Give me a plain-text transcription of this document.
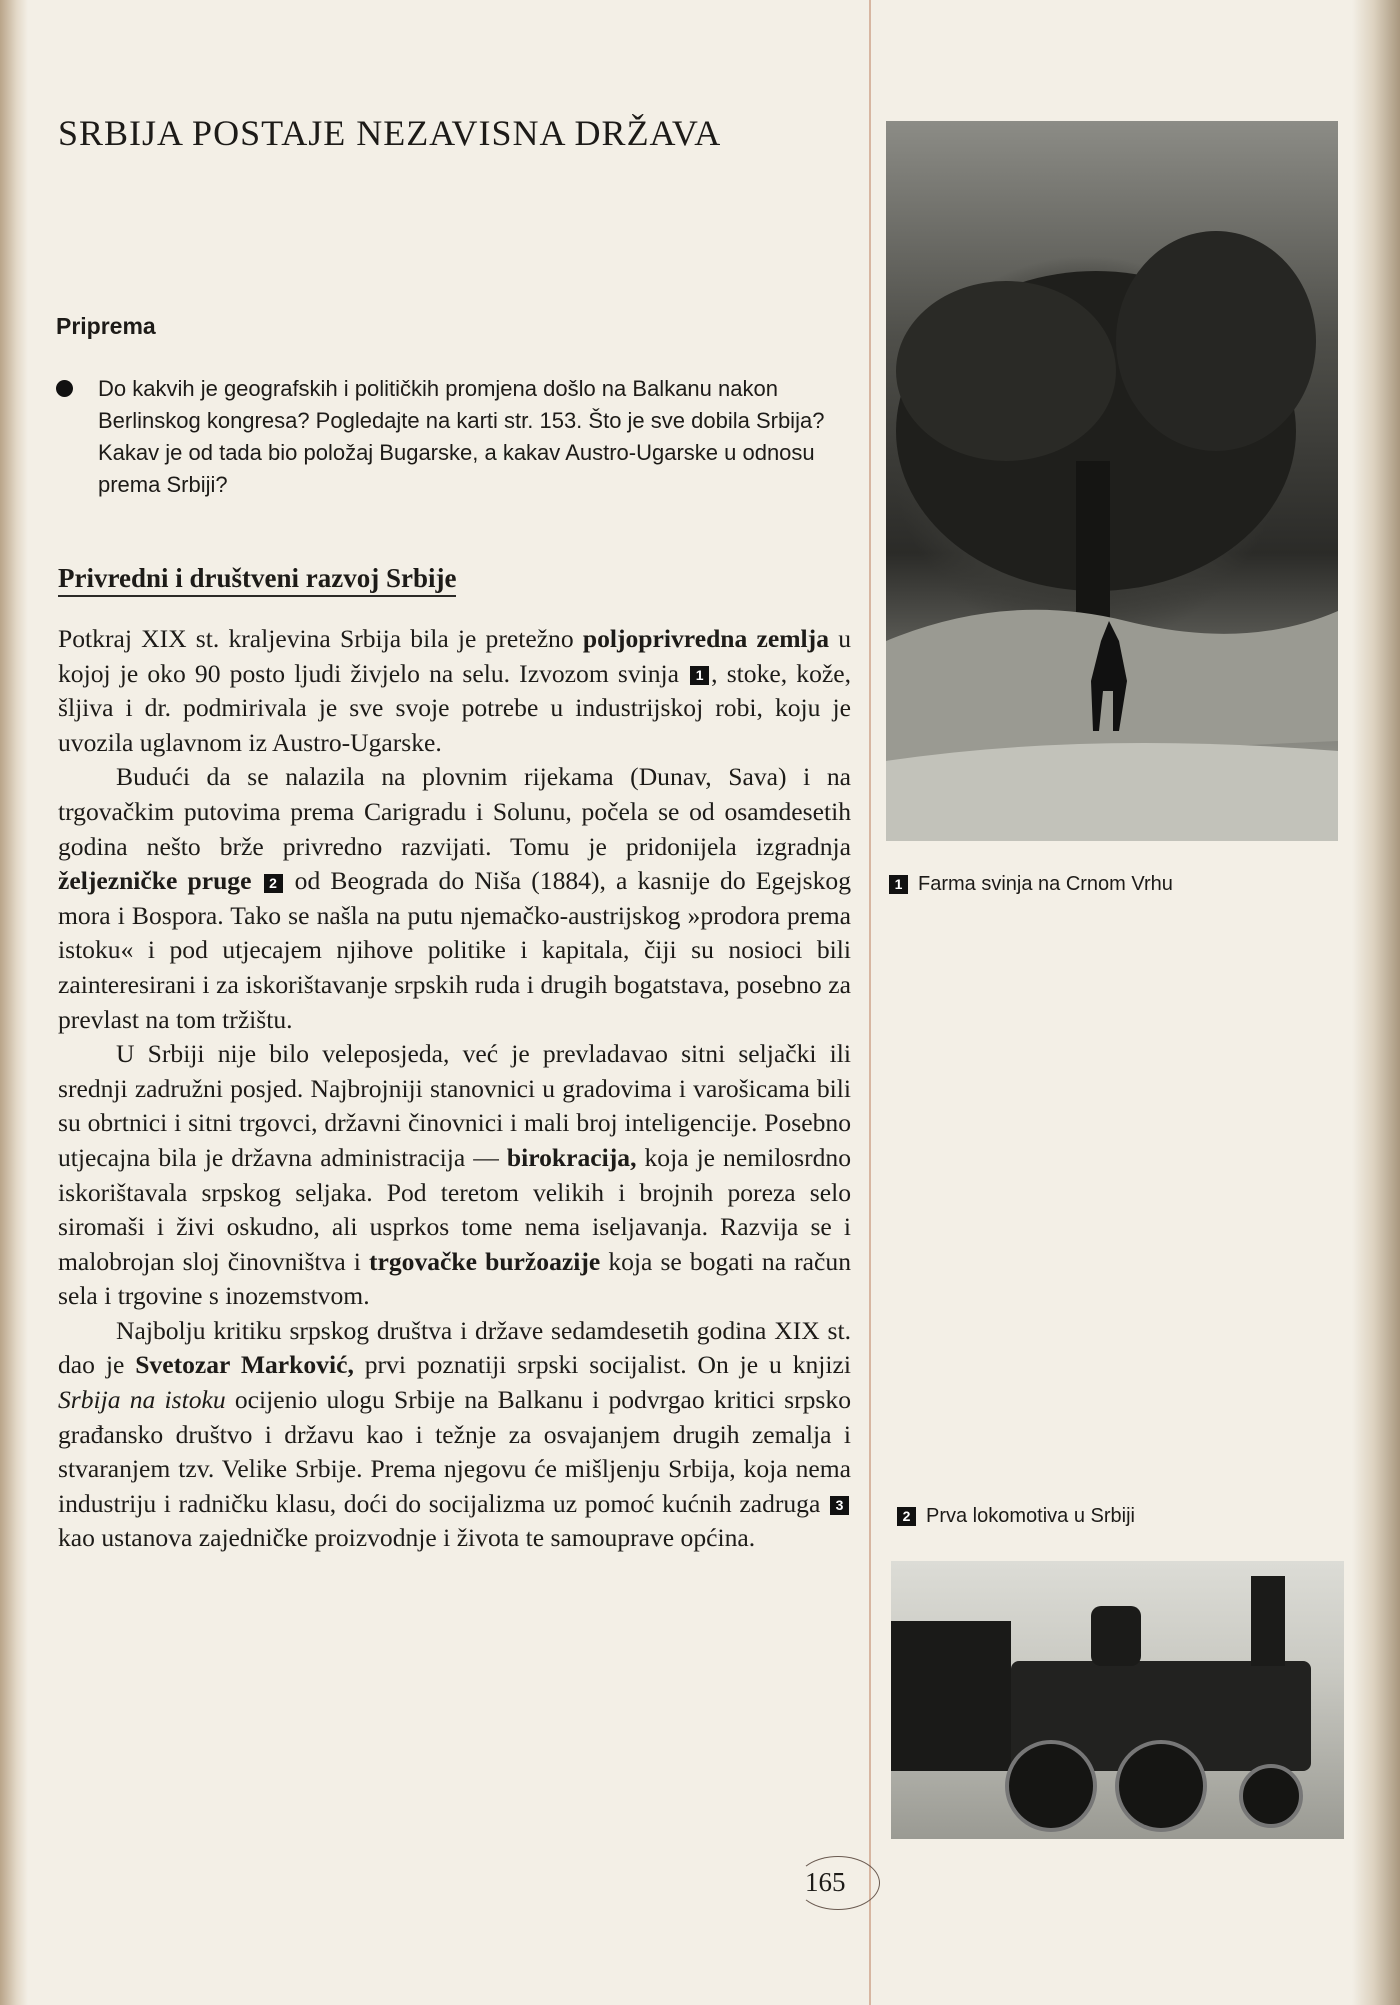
SRBIJA POSTAJE NEZAVISNA DRŽAVA
Priprema

Do kakvih je geografskih i političkih promjena došlo na Balkanu nakon Berlinskog kongresa? Pogledajte na karti str. 153. Što je sve dobila Srbija? Kakav je od tada bio položaj Bugarske, a kakav Austro-Ugarske u odnosu prema Srbiji?

Privredni i društveni razvoj Srbije

Potkraj XIX st. kraljevina Srbija bila je pretežno poljoprivredna zemlja u kojoj je oko 90 posto ljudi živjelo na selu. Izvozom svinja 1 , stoke, kože, šljiva i dr. podmirivala je sve svoje potrebe u industrijskoj robi, koju je uvozila uglavnom iz Austro-Ugarske.

Budući da se nalazila na plovnim rijekama (Dunav, Sava) i na trgovačkim putovima prema Carigradu i Solunu, počela se od osamdesetih godina nešto brže privredno razvijati. Tomu je pridonijela izgradnja željezničke pruge 2 od Beograda do Niša (1884), a kasnije do Egejskog mora i Bospora. Tako se našla na putu njemačko-austrijskog »prodora prema istoku« i pod utjecajem njihove politike i kapitala, čiji su nosioci bili zainteresirani i za iskorištavanje srpskih ruda i drugih bogatstava, posebno za prevlast na tom tržištu.

U Srbiji nije bilo veleposjeda, već je prevladavao sitni seljački ili srednji zadružni posjed. Najbrojniji stanovnici u gradovima i varošicama bili su obrtnici i sitni trgovci, državni činovnici i mali broj inteligencije. Posebno utjecajna bila je državna administracija — birokracija, koja je nemilosrdno iskorištavala srpskog seljaka. Pod teretom velikih i brojnih poreza selo siromaši i živi oskudno, ali usprkos tome nema iseljavanja. Razvija se i malobrojan sloj činovništva i trgovačke buržoazije koja se bogati na račun sela i trgovine s inozemstvom.

Najbolju kritiku srpskog društva i države sedamdesetih godina XIX st. dao je Svetozar Marković, prvi poznatiji srpski socijalist. On je u knjizi Srbija na istoku ocijenio ulogu Srbije na Balkanu i podvrgao kritici srpsko građansko društvo i državu kao i težnje za osvajanjem drugih zemalja i stvaranjem tzv. Velike Srbije. Prema njegovu će mišljenju Srbija, koja nema industriju i radničku klasu, doći do socijalizma uz pomoć kućnih zadruga 3 kao ustanova zajedničke proizvodnje i života te samouprave općina.

1 Farma svinja na Crnom Vrhu
2 Prva lokomotiva u Srbiji
165
